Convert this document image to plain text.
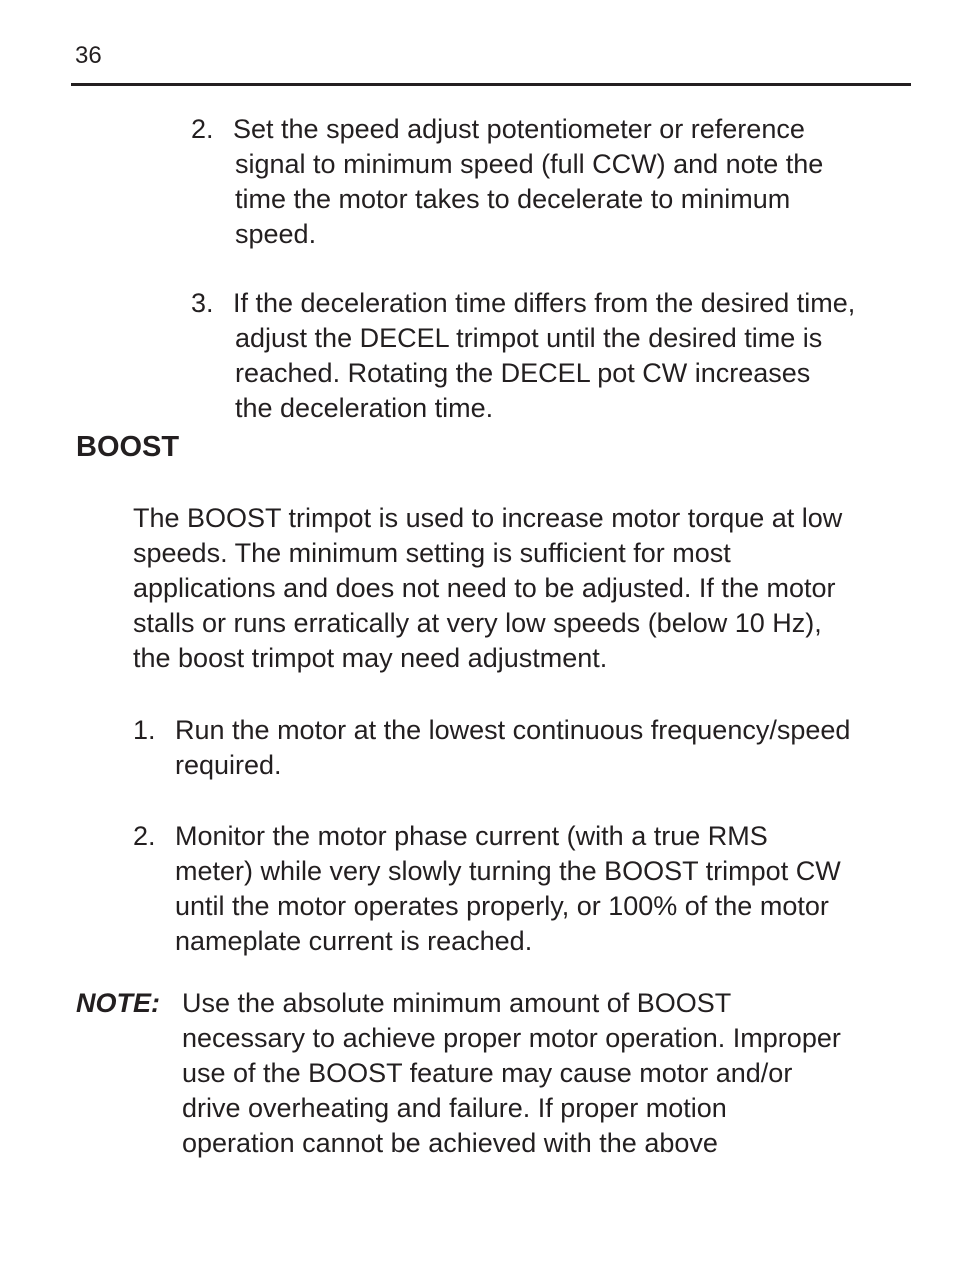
36
2. Set the speed adjust potentiometer or reference
signal to minimum speed (full CCW) and note the
time the motor takes to decelerate to minimum
speed.
3. If the deceleration time differs from the desired time,
adjust the DECEL trimpot until the desired time is
reached. Rotating the DECEL pot CW increases
the deceleration time.
BOOST
The BOOST trimpot is used to increase motor torque at low
speeds. The minimum setting is sufficient for most
applications and does not need to be adjusted. If the motor
stalls or runs erratically at very low speeds (below 10 Hz),
the boost trimpot may need adjustment.
1. Run the motor at the lowest continuous frequency/speed
required.
2. Monitor the motor phase current (with a true RMS
meter) while very slowly turning the BOOST trimpot CW
until the motor operates properly, or 100% of the motor
nameplate current is reached.
NOTE: Use the absolute minimum amount of BOOST
necessary to achieve proper motor operation. Improper
use of the BOOST feature may cause motor and/or
drive overheating and failure. If proper motion
operation cannot be achieved with the above
